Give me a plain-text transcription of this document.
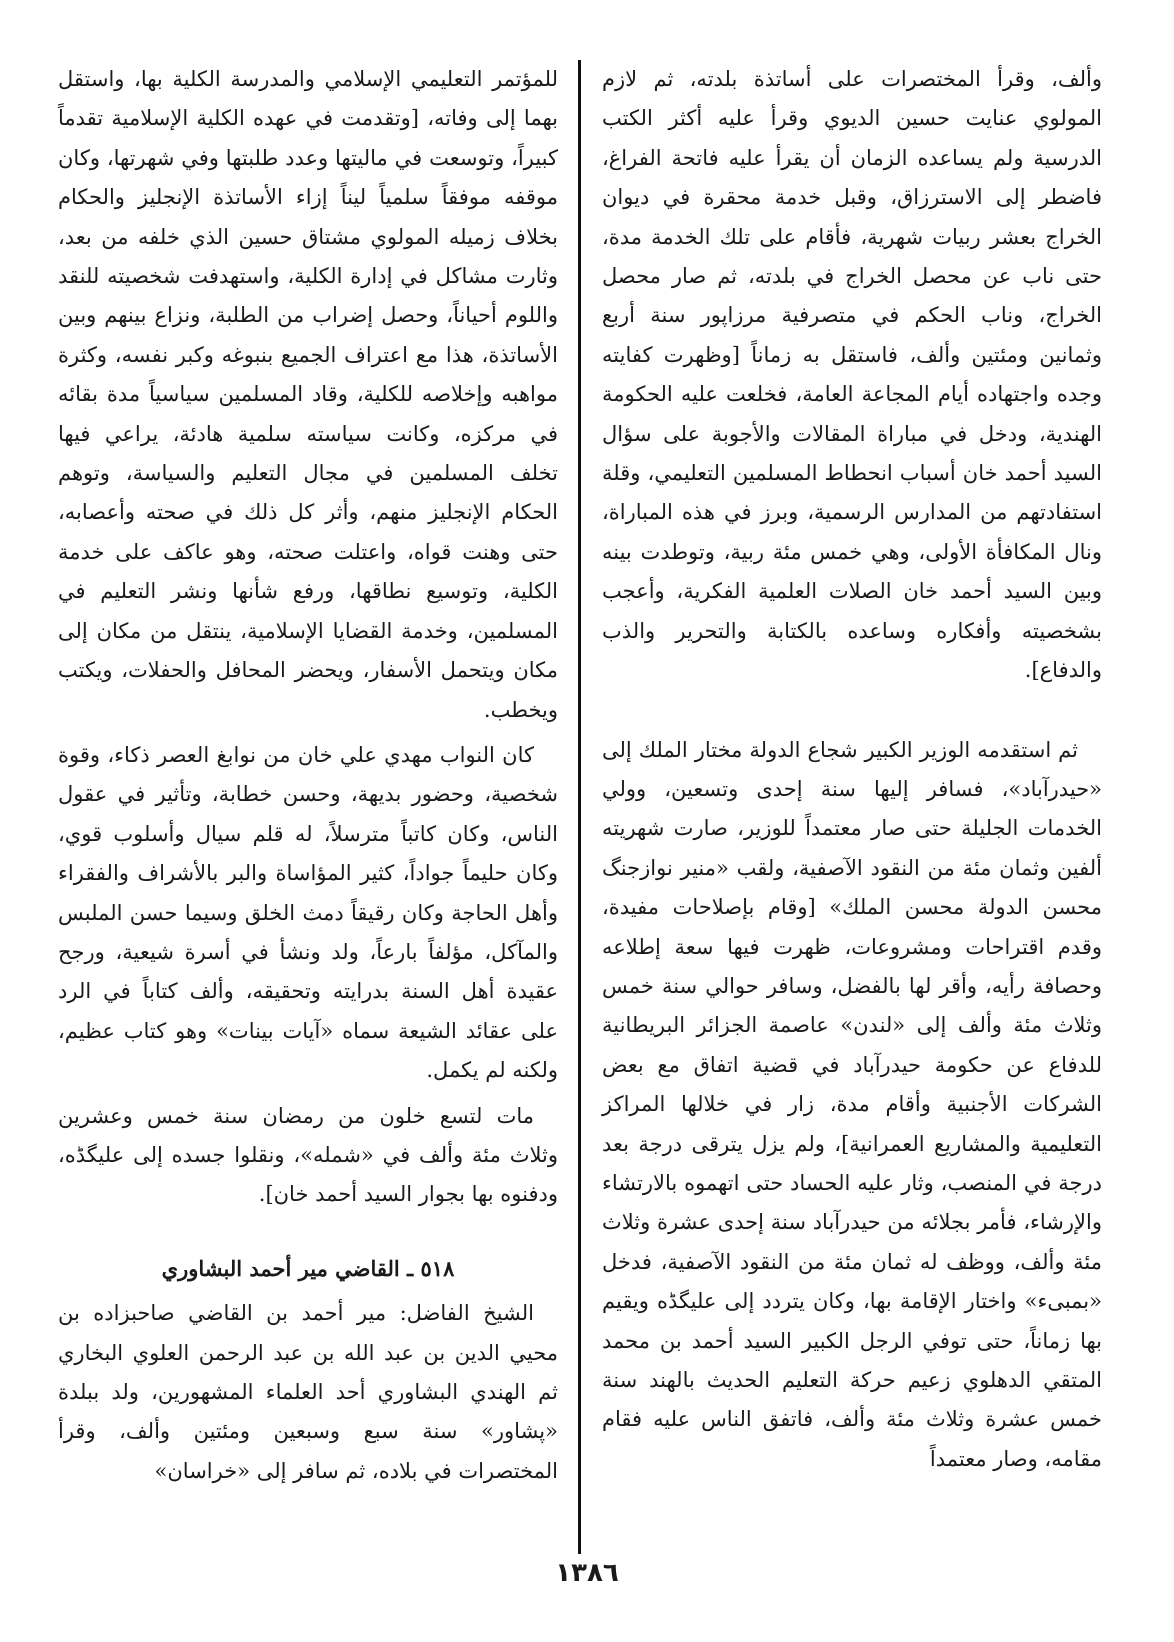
وألف، وقرأ المختصرات على أساتذة بلدته، ثم لازم المولوي عنايت حسين الديوي وقرأ عليه أكثر الكتب الدرسية ولم يساعده الزمان أن يقرأ عليه فاتحة الفراغ، فاضطر إلى الاسترزاق، وقبل خدمة محقرة في ديوان الخراج بعشر ربيات شهرية، فأقام على تلك الخدمة مدة، حتى ناب عن محصل الخراج في بلدته، ثم صار محصل الخراج، وناب الحكم في متصرفية مرزاپور سنة أربع وثمانين ومئتين وألف، فاستقل به زماناً [وظهرت كفايته وجده واجتهاده أيام المجاعة العامة، فخلعت عليه الحكومة الهندية، ودخل في مباراة المقالات والأجوبة على سؤال السيد أحمد خان أسباب انحطاط المسلمين التعليمي، وقلة استفادتهم من المدارس الرسمية، وبرز في هذه المباراة، ونال المكافأة الأولى، وهي خمس مئة ربية، وتوطدت بينه وبين السيد أحمد خان الصلات العلمية الفكرية، وأعجب بشخصيته وأفكاره وساعده بالكتابة والتحرير والذب والدفاع].

ثم استقدمه الوزير الكبير شجاع الدولة مختار الملك إلى «حيدرآباد»، فسافر إليها سنة إحدى وتسعين، وولي الخدمات الجليلة حتى صار معتمداً للوزير، صارت شهريته ألفين وثمان مئة من النقود الآصفية، ولقب «منير نوازجنگ محسن الدولة محسن الملك» [وقام بإصلاحات مفيدة، وقدم اقتراحات ومشروعات، ظهرت فيها سعة إطلاعه وحصافة رأيه، وأقر لها بالفضل، وسافر حوالي سنة خمس وثلاث مئة وألف إلى «لندن» عاصمة الجزائر البريطانية للدفاع عن حكومة حيدرآباد في قضية اتفاق مع بعض الشركات الأجنبية وأقام مدة، زار في خلالها المراكز التعليمية والمشاريع العمرانية]، ولم يزل يترقى درجة بعد درجة في المنصب، وثار عليه الحساد حتى اتهموه بالارتشاء والإرشاء، فأمر بجلائه من حيدرآباد سنة إحدى عشرة وثلاث مئة وألف، ووظف له ثمان مئة من النقود الآصفية، فدخل «بمبىء» واختار الإقامة بها، وكان يتردد إلى عليگڈه ويقيم بها زماناً، حتى توفي الرجل الكبير السيد أحمد بن محمد المتقي الدهلوي زعيم حركة التعليم الحديث بالهند سنة خمس عشرة وثلاث مئة وألف، فاتفق الناس عليه فقام مقامه، وصار معتمداً

للمؤتمر التعليمي الإسلامي والمدرسة الكلية بها، واستقل بهما إلى وفاته، [وتقدمت في عهده الكلية الإسلامية تقدماً كبيراً، وتوسعت في ماليتها وعدد طلبتها وفي شهرتها، وكان موقفه موفقاً سلمياً ليناً إزاء الأساتذة الإنجليز والحكام بخلاف زميله المولوي مشتاق حسين الذي خلفه من بعد، وثارت مشاكل في إدارة الكلية، واستهدفت شخصيته للنقد واللوم أحياناً، وحصل إضراب من الطلبة، ونزاع بينهم وبين الأساتذة، هذا مع اعتراف الجميع بنبوغه وكبر نفسه، وكثرة مواهبه وإخلاصه للكلية، وقاد المسلمين سياسياً مدة بقائه في مركزه، وكانت سياسته سلمية هادئة، يراعي فيها تخلف المسلمين في مجال التعليم والسياسة، وتوهم الحكام الإنجليز منهم، وأثر كل ذلك في صحته وأعصابه، حتى وهنت قواه، واعتلت صحته، وهو عاكف على خدمة الكلية، وتوسيع نطاقها، ورفع شأنها ونشر التعليم في المسلمين، وخدمة القضايا الإسلامية، ينتقل من مكان إلى مكان ويتحمل الأسفار، ويحضر المحافل والحفلات، ويكتب ويخطب.

كان النواب مهدي علي خان من نوابغ العصر ذكاء، وقوة شخصية، وحضور بديهة، وحسن خطابة، وتأثير في عقول الناس، وكان كاتباً مترسلاً، له قلم سيال وأسلوب قوي، وكان حليماً جواداً، كثير المؤاساة والبر بالأشراف والفقراء وأهل الحاجة وكان رقيقاً دمث الخلق وسيما حسن الملبس والمآكل، مؤلفاً بارعاً، ولد ونشأ في أسرة شيعية، ورجح عقيدة أهل السنة بدرايته وتحقيقه، وألف كتاباً في الرد على عقائد الشيعة سماه «آيات بينات» وهو كتاب عظيم، ولكنه لم يكمل.

مات لتسع خلون من رمضان سنة خمس وعشرين وثلاث مئة وألف في «شمله»، ونقلوا جسده إلى عليگڈه، ودفنوه بها بجوار السيد أحمد خان].

٥١٨ ـ القاضي مير أحمد البشاوري

الشيخ الفاضل: مير أحمد بن القاضي صاحبزاده بن محيي الدين بن عبد الله بن عبد الرحمن العلوي البخاري ثم الهندي البشاوري أحد العلماء المشهورين، ولد ببلدة «پشاور» سنة سبع وسبعين ومئتين وألف، وقرأ المختصرات في بلاده، ثم سافر إلى «خراسان»

١٣٨٦
